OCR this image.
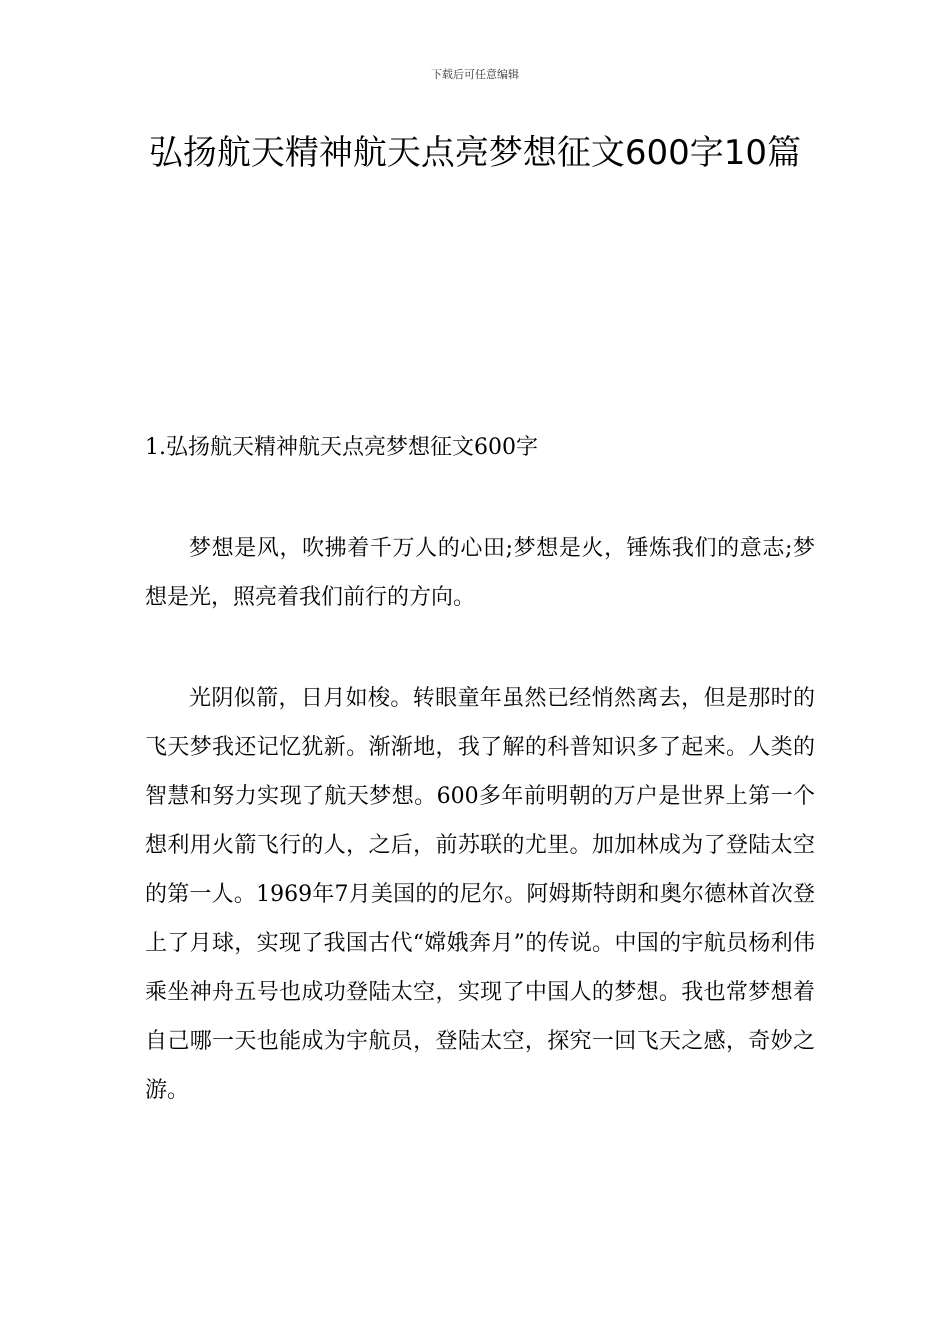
下载后可任意编辑
弘扬航天精神航天点亮梦想征文600字10篇
1.弘扬航天精神航天点亮梦想征文600字

梦想是风，吹拂着千万人的心田;梦想是火，锤炼我们的意志;梦想是光，照亮着我们前行的方向。

光阴似箭，日月如梭。转眼童年虽然已经悄然离去，但是那时的飞天梦我还记忆犹新。渐渐地，我了解的科普知识多了起来。人类的智慧和努力实现了航天梦想。600多年前明朝的万户是世界上第一个想利用火箭飞行的人，之后，前苏联的尤里。加加林成为了登陆太空的第一人。1969年7月美国的的尼尔。阿姆斯特朗和奥尔德林首次登上了月球，实现了我国古代“嫦娥奔月”的传说。中国的宇航员杨利伟乘坐神舟五号也成功登陆太空，实现了中国人的梦想。我也常梦想着自己哪一天也能成为宇航员，登陆太空，探究一回飞天之感，奇妙之游。
